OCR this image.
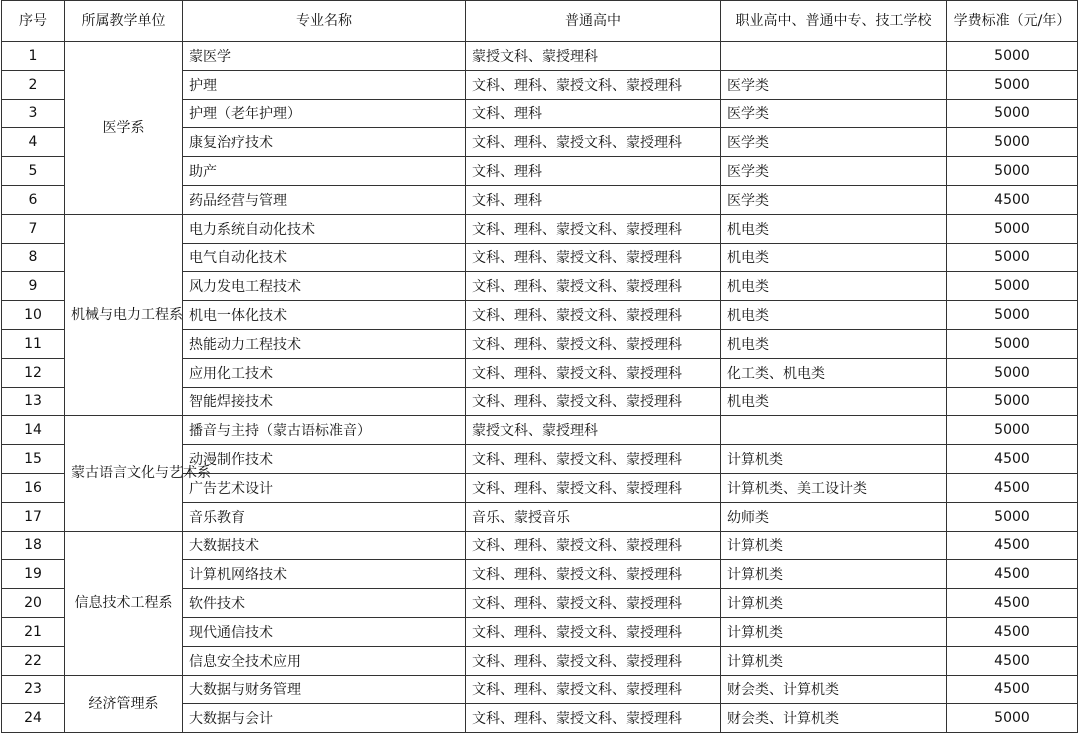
序号	所属教学单位	专业名称	普通高中	职业高中、普通中专、技工学校	学费标准（元/年）
1	医学系	蒙医学	蒙授文科、蒙授理科		5000
2		护理	文科、理科、蒙授文科、蒙授理科	医学类	5000
3		护理（老年护理）	文科、理科	医学类	5000
4		康复治疗技术	文科、理科、蒙授文科、蒙授理科	医学类	5000
5		助产	文科、理科	医学类	5000
6		药品经营与管理	文科、理科	医学类	4500
7	机械与电力工程系	电力系统自动化技术	文科、理科、蒙授文科、蒙授理科	机电类	5000
8		电气自动化技术	文科、理科、蒙授文科、蒙授理科	机电类	5000
9		风力发电工程技术	文科、理科、蒙授文科、蒙授理科	机电类	5000
10		机电一体化技术	文科、理科、蒙授文科、蒙授理科	机电类	5000
11		热能动力工程技术	文科、理科、蒙授文科、蒙授理科	机电类	5000
12		应用化工技术	文科、理科、蒙授文科、蒙授理科	化工类、机电类	5000
13		智能焊接技术	文科、理科、蒙授文科、蒙授理科	机电类	5000
14	蒙古语言文化与艺术系	播音与主持（蒙古语标准音）	蒙授文科、蒙授理科		5000
15		动漫制作技术	文科、理科、蒙授文科、蒙授理科	计算机类	4500
16		广告艺术设计	文科、理科、蒙授文科、蒙授理科	计算机类、美工设计类	4500
17		音乐教育	音乐、蒙授音乐	幼师类	5000
18	信息技术工程系	大数据技术	文科、理科、蒙授文科、蒙授理科	计算机类	4500
19		计算机网络技术	文科、理科、蒙授文科、蒙授理科	计算机类	4500
20		软件技术	文科、理科、蒙授文科、蒙授理科	计算机类	4500
21		现代通信技术	文科、理科、蒙授文科、蒙授理科	计算机类	4500
22		信息安全技术应用	文科、理科、蒙授文科、蒙授理科	计算机类	4500
23	经济管理系	大数据与财务管理	文科、理科、蒙授文科、蒙授理科	财会类、计算机类	4500
24		大数据与会计	文科、理科、蒙授文科、蒙授理科	财会类、计算机类	5000
